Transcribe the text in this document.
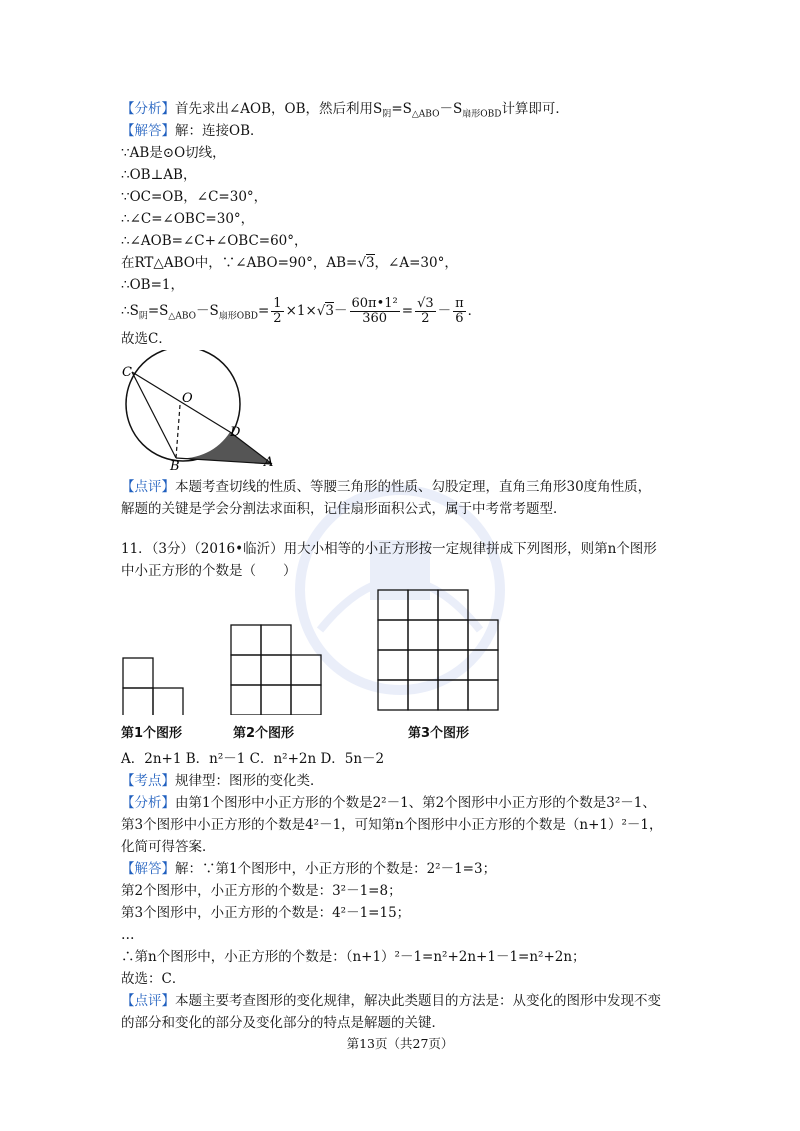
【分析】首先求出∠AOB，OB，然后利用$S_阴=S_{\triangle ABO}-S_{扇形OBD}$计算即可．
【解答】解：连接OB．
∵AB是⊙O切线，
∴OB⊥AB，
∵OC=OB，∠C=30°，
∴∠C=∠OBC=30°，
∴∠AOB=∠C+∠OBC=60°，
在RT△ABO中，∵∠ABO=90°，AB=√3，∠A=30°，
∴OB=1，
$\therefore S_阴=S_{\triangle ABO}-S_{扇形OBD}= \frac{1}{2} \times 1\times√3- \frac{\text{60π•1²}}{360} = \frac{√3}{2} - \frac{\pi}{6}$ ．
故选C．
C
O
D
B	A
【点评】本题考查切线的性质、等腰三角形的性质、勾股定理，直角三角形30度角性质，
解题的关键是学会分割法求面积，记住扇形面积公式，属于中考常考题型．
11．（3分）（2016•临沂）用大小相等的小正方形按一定规律拼成下列图形，则第n个图形
中小正方形的个数是（　　）
第1个图形	第2个图形	第3个图形
A．2n+1 B．n²－1 C．n²+2n D．5n－2
【考点】规律型：图形的变化类．
【分析】由第1个图形中小正方形的个数是2²－1、第2个图形中小正方形的个数是3²－1、
第3个图形中小正方形的个数是4²－1，可知第n个图形中小正方形的个数是（n+1）²－1，
化简可得答案．
【解答】解：∵第1个图形中，小正方形的个数是：2²－1=3；
第2个图形中，小正方形的个数是：3²－1=8；
第3个图形中，小正方形的个数是：4²－1=15；
…
∴第n个图形中，小正方形的个数是：（n+1）²－1=n²+2n+1－1=n²+2n；
故选：C．
【点评】本题主要考查图形的变化规律，解决此类题目的方法是：从变化的图形中发现不变
的部分和变化的部分及变化部分的特点是解题的关键．
第13页（共27页）
